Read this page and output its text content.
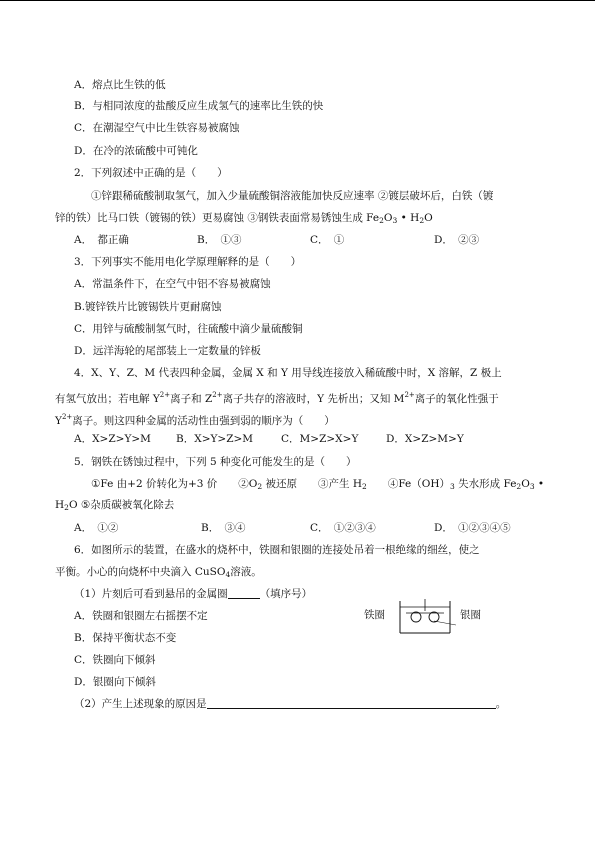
A．熔点比生铁的低
B．与相同浓度的盐酸反应生成氢气的速率比生铁的快
C．在潮湿空气中比生铁容易被腐蚀
D．在冷的浓硫酸中可钝化
2．下列叙述中正确的是（　　）
①锌跟稀硫酸制取氢气，加入少量硫酸铜溶液能加快反应速率 ②镀层破坏后，白铁（镀
锌的铁）比马口铁（镀锡的铁）更易腐蚀 ③钢铁表面常易锈蚀生成 $Fe_2O_3$ • $H_2O$
A．　都正确	B．　①③	C．　①	D．　②③
3．下列事实不能用电化学原理解释的是（　　）
A．常温条件下，在空气中铝不容易被腐蚀
B.镀锌铁片比镀锡铁片更耐腐蚀
C．用锌与硫酸制氢气时，往硫酸中滴少量硫酸铜
D．远洋海轮的尾部装上一定数量的锌板
4．X、Y、Z、M 代表四种金属，金属 X 和 Y 用导线连接放入稀硫酸中时，X 溶解，Z 极上
有氢气放出；若电解 $Y^{2+}$离子和 $Z^{2+}$离子共存的溶液时，Y 先析出；又知 $M^{2+}$离子的氧化性强于
$Y^{2+}$离子。则这四种金属的活动性由强到弱的顺序为（　　）
A．X>Z>Y>M B．X>Y>Z>M	C．M>Z>X>Y	D．X>Z>M>Y
5．钢铁在锈蚀过程中，下列 5 种变化可能发生的是（　　）
①Fe 由+2 价转化为+3 价　　$②O_2$ 被还原　　③产生 $H_2$　　$④Fe(OH)_3$ 失水形成 $Fe_2O_3$ •
$H_2O$ ⑤杂质碳被氧化除去
A．　①②	B．　③④	C．　①②③④	D．　①②③④⑤
6．如图所示的装置，在盛水的烧杯中，铁圈和银圈的连接处吊着一根绝缘的细丝，使之
平衡。小心的向烧杯中央滴入 CuSO$_4$溶液。
（1）片刻后可看到悬吊的金属圈	（填序号）
A．铁圈和银圈左右摇摆不定
B．保持平衡状态不变
C．铁圈向下倾斜
D．银圈向下倾斜
（2）产生上述现象的原因是	。
铁圈	银圈
